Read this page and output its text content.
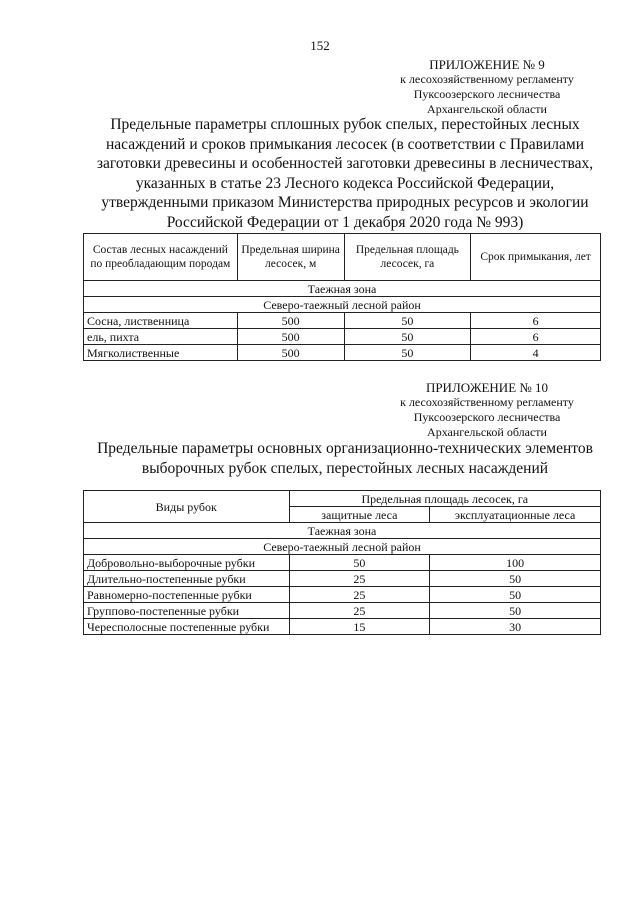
152
ПРИЛОЖЕНИЕ № 9
к лесохозяйственному регламенту
Пуксоозерского лесничества
Архангельской области
Предельные параметры сплошных рубок спелых, перестойных лесных насаждений и сроков примыкания лесосек (в соответствии с Правилами заготовки древесины и особенностей заготовки древесины в лесничествах, указанных в статье 23 Лесного кодекса Российской Федерации, утвержденными приказом Министерства природных ресурсов и экологии Российской Федерации от 1 декабря 2020 года № 993)
Состав лесных насаждений по преобладающим породам	Предельная ширина лесосек, м	Предельная площадь лесосек, га	Срок примыкания, лет
Таежная зона			
Северо-таежный лесной район			
Сосна, лиственница	500	50	6
ель, пихта	500	50	6
Мягколиственные	500	50	4
ПРИЛОЖЕНИЕ № 10
к лесохозяйственному регламенту
Пуксоозерского лесничества
Архангельской области
Предельные параметры основных организационно-технических элементов выборочных рубок спелых, перестойных лесных насаждений
Виды рубок	Предельная площадь лесосек, га	
	защитные леса	эксплуатационные леса
Таежная зона		
Северо-таежный лесной район		
Добровольно-выборочные рубки	50	100
Длительно-постепенные рубки	25	50
Равномерно-постепенные рубки	25	50
Группово-постепенные рубки	25	50
Чересполосные постепенные рубки	15	30
